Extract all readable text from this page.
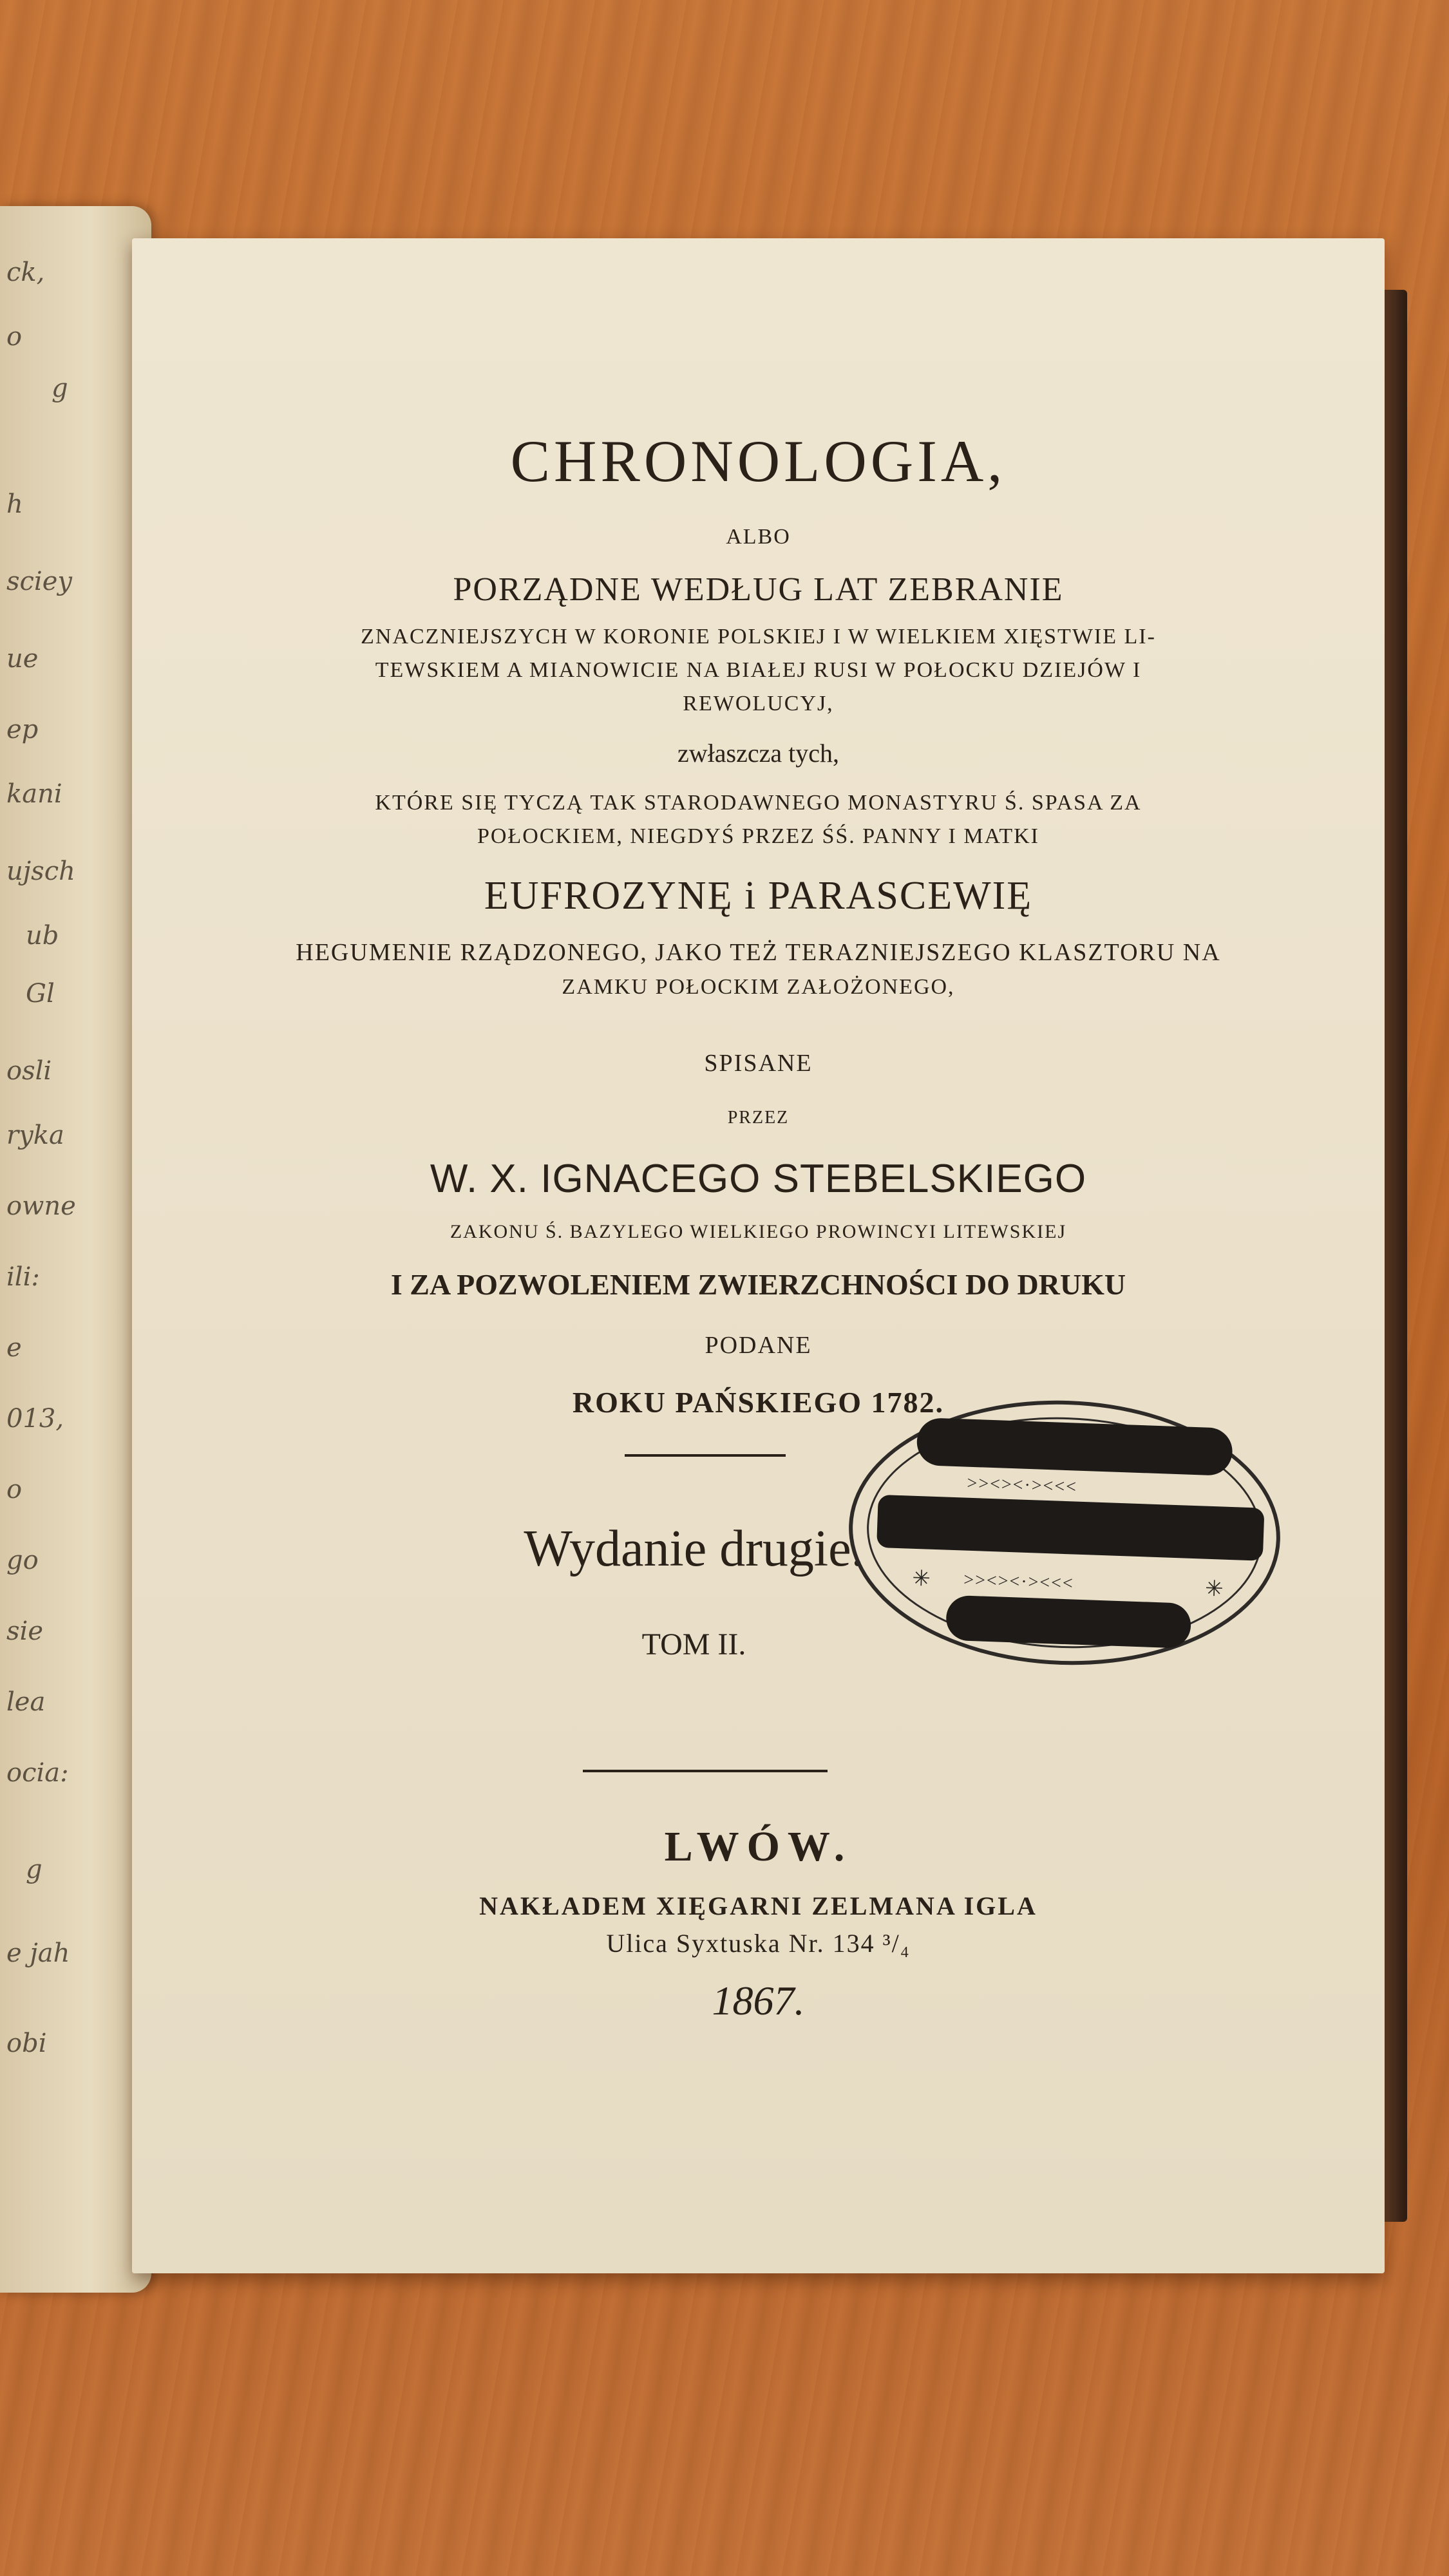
ck,
o
g
h
sciey
ue
ep
kani
ujsch
ub
Gl
osli
ryka
owne
ili:
e
013,
o
go
sie
lea
ocia:
g
e jah
obi
CHRONOLOGIA,
ALBO
PORZĄDNE WEDŁUG LAT ZEBRANIE
ZNACZNIEJSZYCH W KORONIE POLSKIEJ I W WIELKIEM XIĘSTWIE LI-
TEWSKIEM A MIANOWICIE NA BIAŁEJ RUSI W POŁOCKU DZIEJÓW I
REWOLUCYJ,
zwłaszcza tych,
KTÓRE SIĘ TYCZĄ TAK STARODAWNEGO MONASTYRU Ś. SPASA ZA
POŁOCKIEM, NIEGDYŚ PRZEZ ŚŚ. PANNY I MATKI
EUFROZYNĘ i PARASCEWIĘ
HEGUMENIE RZĄDZONEGO, JAKO TEŻ TERAZNIEJSZEGO KLASZTORU NA
ZAMKU POŁOCKIM ZAŁOŻONEGO,
SPISANE
PRZEZ
W. X. IGNACEGO STEBELSKIEGO
ZAKONU Ś. BAZYLEGO WIELKIEGO PROWINCYI LITEWSKIEJ
I ZA POZWOLENIEM ZWIERZCHNOŚCI DO DRUKU
PODANE
ROKU PAŃSKIEGO 1782.
Wydanie drugie.
TOM II.
LWÓW.
NAKŁADEM XIĘGARNI ZELMANA IGLA
Ulica Syxtuska Nr. 134 ³/₄
1867.
>><><·><<<
✳	✳
>><><·><<<
